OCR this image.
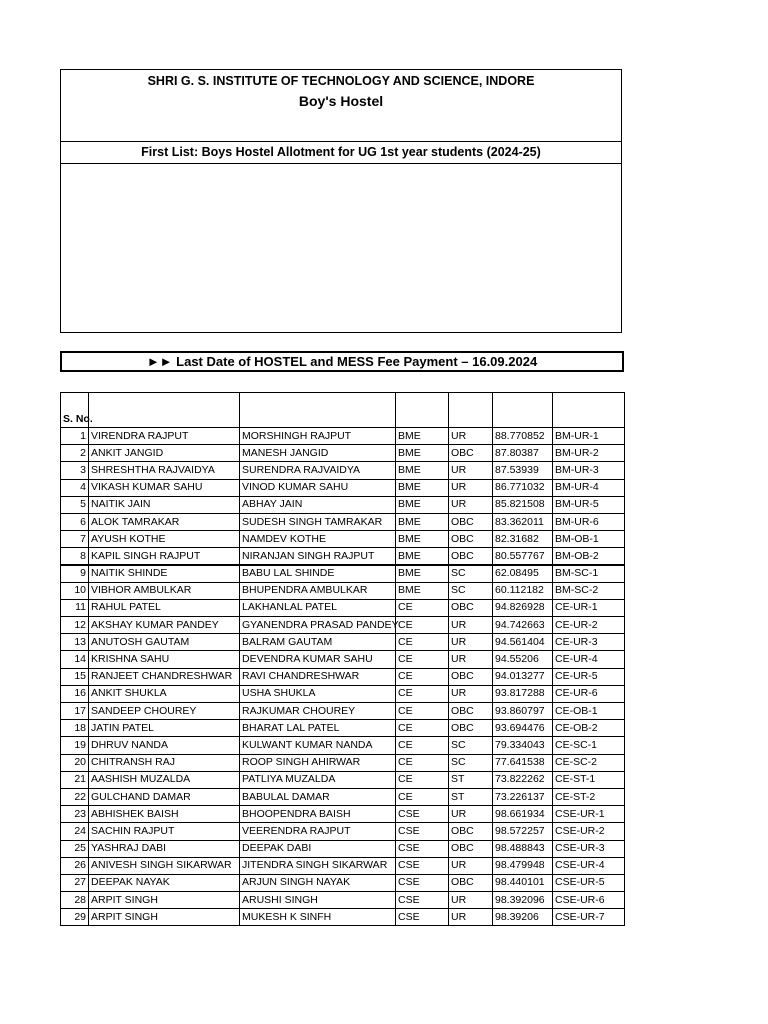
SHRI G. S. INSTITUTE OF TECHNOLOGY AND SCIENCE, INDORE
Boy's Hostel
First List: Boys Hostel Allotment for UG 1st year students (2024-25)
►► Last Date of HOSTEL and MESS Fee Payment – 16.09.2024
S. No.						
1	VIRENDRA RAJPUT	MORSHINGH RAJPUT	BME	UR	88.770852	BM-UR-1
2	ANKIT JANGID	MANESH JANGID	BME	OBC	87.80387	BM-UR-2
3	SHRESHTHA RAJVAIDYA	SURENDRA RAJVAIDYA	BME	UR	87.53939	BM-UR-3
4	VIKASH KUMAR SAHU	VINOD KUMAR SAHU	BME	UR	86.771032	BM-UR-4
5	NAITIK JAIN	ABHAY JAIN	BME	UR	85.821508	BM-UR-5
6	ALOK TAMRAKAR	SUDESH SINGH TAMRAKAR	BME	OBC	83.362011	BM-UR-6
7	AYUSH KOTHE	NAMDEV KOTHE	BME	OBC	82.31682	BM-OB-1
8	KAPIL SINGH RAJPUT	NIRANJAN SINGH RAJPUT	BME	OBC	80.557767	BM-OB-2
9	NAITIK SHINDE	BABU LAL SHINDE	BME	SC	62.08495	BM-SC-1
10	VIBHOR AMBULKAR	BHUPENDRA AMBULKAR	BME	SC	60.112182	BM-SC-2
11	RAHUL PATEL	LAKHANLAL PATEL	CE	OBC	94.826928	CE-UR-1
12	AKSHAY KUMAR PANDEY	GYANENDRA PRASAD PANDEY	CE	UR	94.742663	CE-UR-2
13	ANUTOSH GAUTAM	BALRAM GAUTAM	CE	UR	94.561404	CE-UR-3
14	KRISHNA SAHU	DEVENDRA KUMAR SAHU	CE	UR	94.55206	CE-UR-4
15	RANJEET CHANDRESHWAR	RAVI CHANDRESHWAR	CE	OBC	94.013277	CE-UR-5
16	ANKIT SHUKLA	USHA SHUKLA	CE	UR	93.817288	CE-UR-6
17	SANDEEP CHOUREY	RAJKUMAR CHOUREY	CE	OBC	93.860797	CE-OB-1
18	JATIN PATEL	BHARAT LAL PATEL	CE	OBC	93.694476	CE-OB-2
19	DHRUV NANDA	KULWANT KUMAR NANDA	CE	SC	79.334043	CE-SC-1
20	CHITRANSH RAJ	ROOP SINGH AHIRWAR	CE	SC	77.641538	CE-SC-2
21	AASHISH MUZALDA	PATLIYA MUZALDA	CE	ST	73.822262	CE-ST-1
22	GULCHAND DAMAR	BABULAL DAMAR	CE	ST	73.226137	CE-ST-2
23	ABHISHEK BAISH	BHOOPENDRA BAISH	CSE	UR	98.661934	CSE-UR-1
24	SACHIN RAJPUT	VEERENDRA RAJPUT	CSE	OBC	98.572257	CSE-UR-2
25	YASHRAJ DABI	DEEPAK DABI	CSE	OBC	98.488843	CSE-UR-3
26	ANIVESH SINGH SIKARWAR	JITENDRA SINGH SIKARWAR	CSE	UR	98.479948	CSE-UR-4
27	DEEPAK NAYAK	ARJUN SINGH NAYAK	CSE	OBC	98.440101	CSE-UR-5
28	ARPIT SINGH	ARUSHI SINGH	CSE	UR	98.392096	CSE-UR-6
29	ARPIT SINGH	MUKESH K SINFH	CSE	UR	98.39206	CSE-UR-7
